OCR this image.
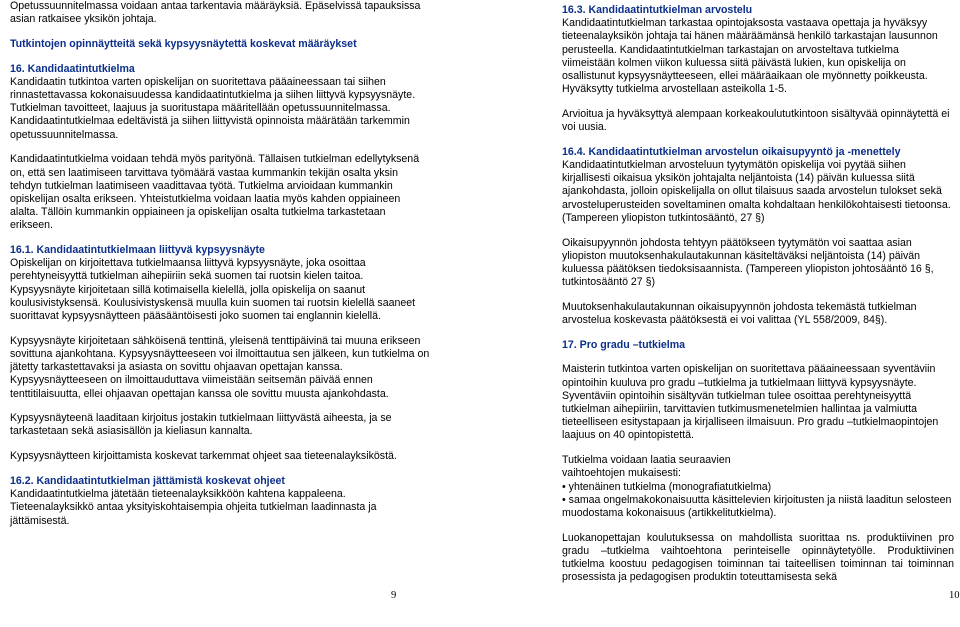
Opetussuunnitelmassa voidaan antaa tarkentavia määräyksiä. Epäselvissä tapauksissa asian ratkaisee yksikön johtaja.

Tutkintojen opinnäytteitä sekä kypsyysnäytettä koskevat määräykset

16. Kandidaatintutkielma

Kandidaatin tutkintoa varten opiskelijan on suoritettava pääaineessaan tai siihen rinnastettavassa kokonaisuudessa kandidaatintutkielma ja siihen liittyvä kypsyysnäyte. Tutkielman tavoitteet, laajuus ja suoritustapa määritellään opetussuunnitelmassa. Kandidaatintutkielmaa edeltävistä ja siihen liittyvistä opinnoista määrätään tarkemmin opetussuunnitelmassa.

Kandidaatintutkielma voidaan tehdä myös parityönä. Tällaisen tutkielman edellytyksenä on, että sen laatimiseen tarvittava työmäärä vastaa kummankin tekijän osalta yksin tehdyn tutkielman laatimiseen vaadittavaa työtä. Tutkielma arvioidaan kummankin opiskelijan osalta erikseen. Yhteistutkielma voidaan laatia myös kahden oppiaineen alalta. Tällöin kummankin oppiaineen ja opiskelijan osalta tutkielma tarkastetaan erikseen.

16.1. Kandidaatintutkielmaan liittyvä kypsyysnäyte

Opiskelijan on kirjoitettava tutkielmaansa liittyvä kypsyysnäyte, joka osoittaa perehtyneisyyttä tutkielman aihepiiriin sekä suomen tai ruotsin kielen taitoa. Kypsyysnäyte kirjoitetaan sillä kotimaisella kielellä, jolla opiskelija on saanut koulusivistyksensä. Koulusivistyskensä muulla kuin suomen tai ruotsin kielellä saaneet suorittavat kypsyysnäytteen pääsääntöisesti joko suomen tai englannin kielellä.

Kypsyysnäyte kirjoitetaan sähköisenä tenttinä, yleisenä tenttipäivinä tai muuna erikseen sovittuna ajankohtana. Kypsyysnäytteeseen voi ilmoittautua sen jälkeen, kun tutkielma on jätetty tarkastettavaksi ja asiasta on sovittu ohjaavan opettajan kanssa. Kypsyysnäytteeseen on ilmoittauduttava viimeistään seitsemän päivää ennen tenttitilaisuutta, ellei ohjaavan opettajan kanssa ole sovittu muusta ajankohdasta.

Kypsyysnäyteenä laaditaan kirjoitus jostakin tutkielmaan liittyvästä aiheesta, ja se tarkastetaan sekä asiasisällön ja kieliasun kannalta.

Kypsyysnäytteen kirjoittamista koskevat tarkemmat ohjeet saa tieteenalayksiköstä.

16.2. Kandidaatintutkielman jättämistä koskevat ohjeet

Kandidaatintutkielma jätetään tieteenalayksikköön kahtena kappaleena. Tieteenalayksikkö antaa yksityiskohtaisempia ohjeita tutkielman laadinnasta ja jättämisestä.

16.3. Kandidaatintutkielman arvostelu

Kandidaatintutkielman tarkastaa opintojaksosta vastaava opettaja ja hyväksyy tieteenalayksikön johtaja tai hänen määräämänsä henkilö tarkastajan lausunnon perusteella. Kandidaatintutkielman tarkastajan on arvosteltava tutkielma viimeistään kolmen viikon kuluessa siitä päivästä lukien, kun opiskelija on osallistunut kypsyysnäytteeseen, ellei määräaikaan ole myönnetty poikkeusta. Hyväksytty tutkielma arvostellaan asteikolla 1-5.

Arvioitua ja hyväksyttyä alempaan korkeakoulututkintoon sisältyvää opinnäytettä ei voi uusia.

16.4. Kandidaatintutkielman arvostelun oikaisupyyntö ja -menettely

Kandidaatintutkielman arvosteluun tyytymätön opiskelija voi pyytää siihen kirjallisesti oikaisua yksikön johtajalta neljäntoista (14) päivän kuluessa siitä ajankohdasta, jolloin opiskelijalla on ollut tilaisuus saada arvostelun tulokset sekä arvosteluperusteiden soveltaminen omalta kohdaltaan henkilökohtaisesti tietoonsa. (Tampereen yliopiston tutkintosääntö, 27 §)

Oikaisupyynnön johdosta tehtyyn päätökseen tyytymätön voi saattaa asian yliopiston muutoksenhakulautakunnan käsiteltäväksi neljäntoista (14) päivän kuluessa päätöksen tiedoksisaannista. (Tampereen yliopiston johtosääntö 16 §, tutkintosääntö 27 §)

Muutoksenhakulautakunnan oikaisupyynnön johdosta tekemästä tutkielman arvostelua koskevasta päätöksestä ei voi valittaa (YL 558/2009, 84§).

17. Pro gradu –tutkielma

Maisterin tutkintoa varten opiskelijan on suoritettava pääaineessaan syventäviin opintoihin kuuluva pro gradu –tutkielma ja tutkielmaan liittyvä kypsyysnäyte. Syventäviin opintoihin sisältyvän tutkielman tulee osoittaa perehtyneisyyttä tutkielman aihepiiriin, tarvittavien tutkimusmenetelmien hallintaa ja valmiutta tieteelliseen esitystapaan ja kirjalliseen ilmaisuun. Pro gradu –tutkielmaopintojen laajuus on 40 opintopistettä.

Tutkielma voidaan laatia seuraavien
vaihtoehtojen mukaisesti:
• yhtenäinen tutkielma (monografiatutkielma)

• samaa ongelmakokonaisuutta käsittelevien kirjoitusten ja niistä laaditun selosteen muodostama kokonaisuus (artikkelitutkielma).

Luokanopettajan koulutuksessa on mahdollista suorittaa ns. produktiivinen pro gradu –tutkielma vaihtoehtona perinteiselle opinnäytetyölle. Produktiivinen tutkielma koostuu pedagogisen toiminnan tai taiteellisen toiminnan tai toiminnan prosessista ja pedagogisen produktin toteuttamisesta sekä

9	10
